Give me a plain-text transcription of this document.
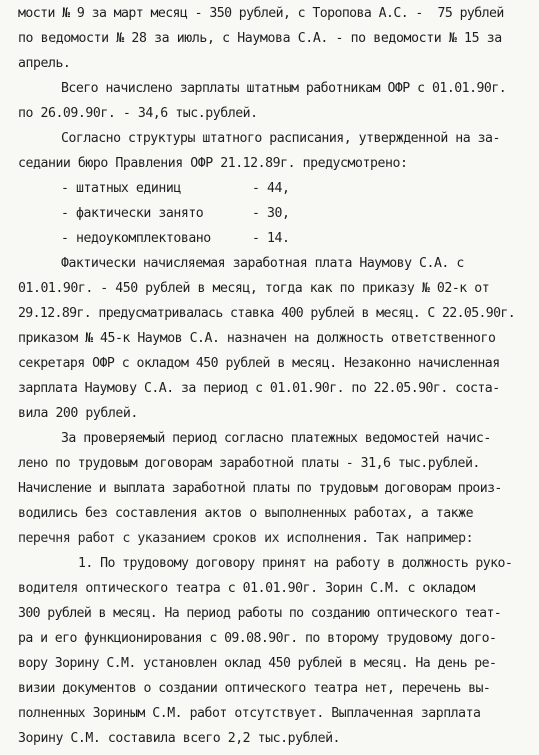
мости № 9 за март месяц - 350 рублей, с Торопова А.С. -  75 рублей
по ведомости № 28 за июль, с Наумова С.А. - по ведомости № 15 за
апрель.
Всего начислено зарплаты штатным работникам ОФР с 01.01.90г.
по 26.09.90г. - 34,6 тыс.рублей.
Согласно структуры штатного расписания, утвержденной на за-
седании бюро Правления ОФР 21.12.89г. предусмотрено:
- штатных единиц	- 44,
- фактически занято	- 30,
- недоукомплектовано	- 14.
Фактически начисляемая заработная плата Наумову С.А. с
01.01.90г. - 450 рублей в месяц, тогда как по приказу № 02-к от
29.12.89г. предусматривалась ставка 400 рублей в месяц. С 22.05.90г.
приказом № 45-к Наумов С.А. назначен на должность ответственного
секретаря ОФР с окладом 450 рублей в месяц. Незаконно начисленная
зарплата Наумову С.А. за период с 01.01.90г. по 22.05.90г. соста-
вила 200 рублей.
За проверяемый период согласно платежных ведомостей начис-
лено по трудовым договорам заработной платы - 31,6 тыс.рублей.
Начисление и выплата заработной платы по трудовым договорам произ-
водились без составления актов о выполненных работах, а также
перечня работ с указанием сроков их исполнения. Так например:
1. По трудовому договору принят на работу в должность руко-
водителя оптического театра с 01.01.90г. Зорин С.М. с окладом
300 рублей в месяц. На период работы по созданию оптического теат-
ра и его функционирования с 09.08.90г. по второму трудовому дого-
вору Зорину С.М. установлен оклад 450 рублей в месяц. На день ре-
визии документов о создании оптического театра нет, перечень вы-
полненных Зориным С.М. работ отсутствует. Выплаченная зарплата
Зорину С.М. составила всего 2,2 тыс.рублей.
